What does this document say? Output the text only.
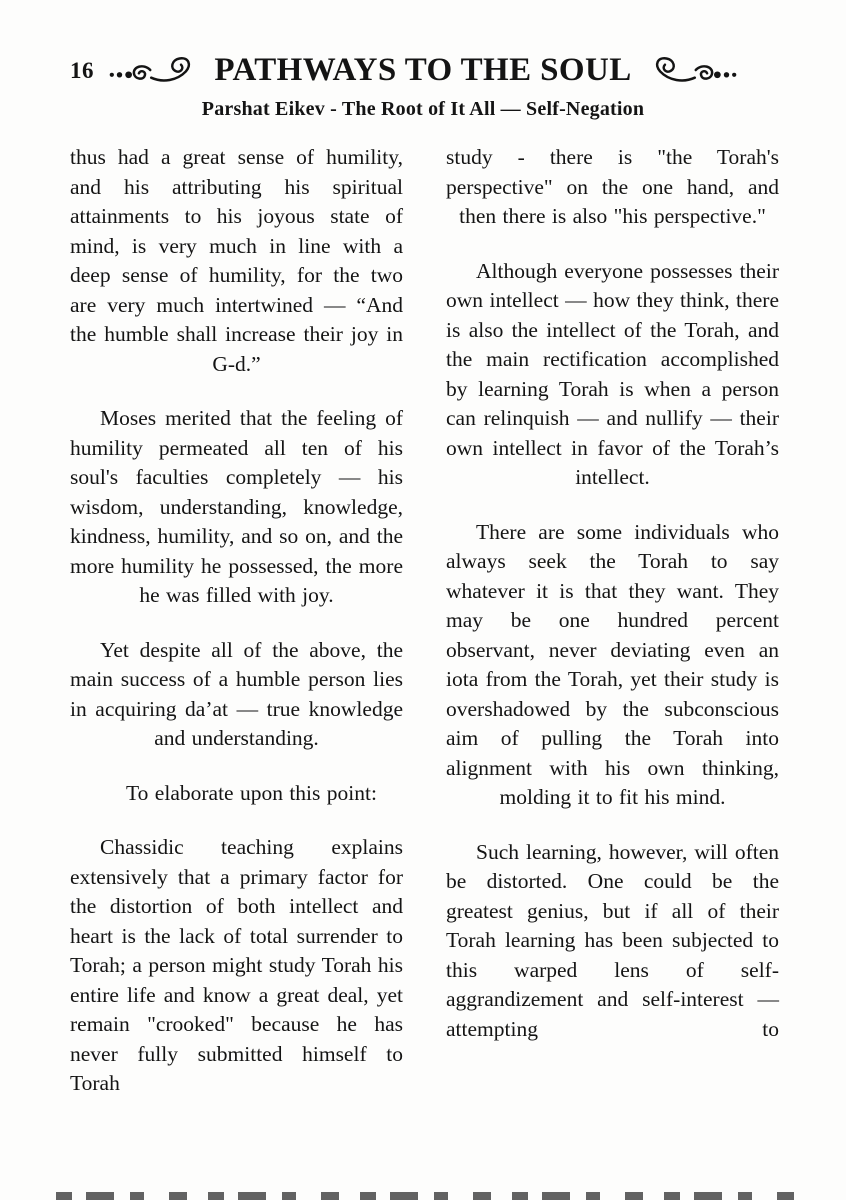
16	PATHWAYS TO THE SOUL
Parshat Eikev - The Root of It All — Self-Negation

thus had a great sense of humility, and his attributing his spiritual attainments to his joyous state of mind, is very much in line with a deep sense of humility, for the two are very much intertwined — “And the humble shall increase their joy in G-d.”

Moses merited that the feeling of humility permeated all ten of his soul's faculties completely — his wisdom, understanding, knowledge, kindness, humility, and so on, and the more humility he possessed, the more he was filled with joy.

Yet despite all of the above, the main success of a humble person lies in acquiring da’at — true knowledge and understanding.

To elaborate upon this point:

Chassidic teaching explains extensively that a primary factor for the distortion of both intellect and heart is the lack of total surrender to Torah; a person might study Torah his entire life and know a great deal, yet remain "crooked" because he has never fully submitted himself to Torah

study - there is "the Torah's perspective" on the one hand, and then there is also "his perspective."

Although everyone possesses their own intellect — how they think, there is also the intellect of the Torah, and the main rectification accomplished by learning Torah is when a person can relinquish — and nullify — their own intellect in favor of the Torah’s intellect.

There are some individuals who always seek the Torah to say whatever it is that they want. They may be one hundred percent observant, never deviating even an iota from the Torah, yet their study is overshadowed by the subconscious aim of pulling the Torah into alignment with his own thinking, molding it to fit his mind.

Such learning, however, will often be distorted. One could be the greatest genius, but if all of their Torah learning has been subjected to this warped lens of self-aggrandizement and self-interest — attempting to
